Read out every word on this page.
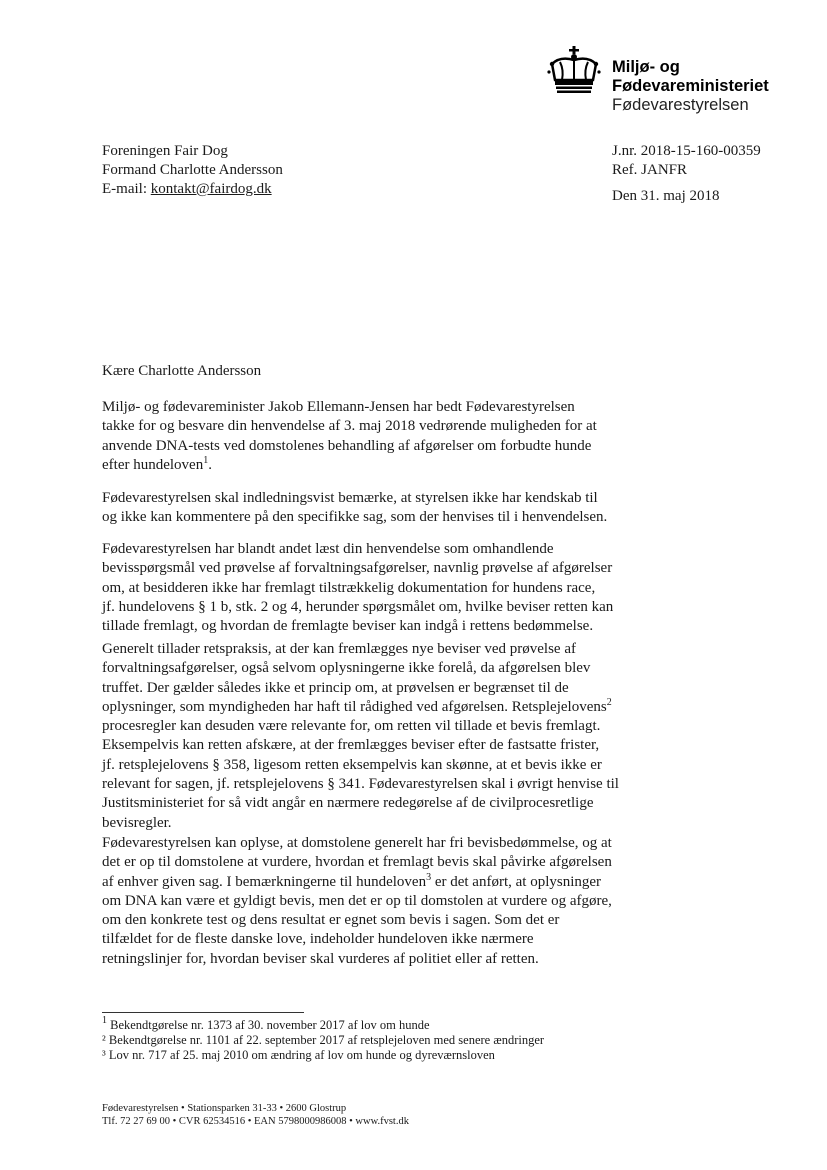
Miljø- og
Fødevareministeriet
Fødevarestyrelsen
Foreningen Fair Dog
Formand Charlotte Andersson
E-mail: kontakt@fairdog.dk
J.nr. 2018-15-160-00359
Ref. JANFR
Den 31. maj 2018
Kære Charlotte Andersson
Miljø- og fødevareminister Jakob Ellemann-Jensen har bedt Fødevarestyrelsen
takke for og besvare din henvendelse af 3. maj 2018 vedrørende muligheden for at
anvende DNA-tests ved domstolenes behandling af afgørelser om forbudte hunde
efter hundeloven$^1$.
Fødevarestyrelsen skal indledningsvist bemærke, at styrelsen ikke har kendskab til
og ikke kan kommentere på den specifikke sag, som der henvises til i henvendelsen.
Fødevarestyrelsen har blandt andet læst din henvendelse som omhandlende
bevisspørgsmål ved prøvelse af forvaltningsafgørelser, navnlig prøvelse af afgørelser
om, at besidderen ikke har fremlagt tilstrækkelig dokumentation for hundens race,
jf. hundelovens § 1 b, stk. 2 og 4, herunder spørgsmålet om, hvilke beviser retten kan
tillade fremlagt, og hvordan de fremlagte beviser kan indgå i rettens bedømmelse.
Generelt tillader retspraksis, at der kan fremlægges nye beviser ved prøvelse af
forvaltningsafgørelser, også selvom oplysningerne ikke forelå, da afgørelsen blev
truffet. Der gælder således ikke et princip om, at prøvelsen er begrænset til de
oplysninger, som myndigheden har haft til rådighed ved afgørelsen. Retsplejelovens$^2$
procesregler kan desuden være relevante for, om retten vil tillade et bevis fremlagt.
Eksempelvis kan retten afskære, at der fremlægges beviser efter de fastsatte frister,
jf. retsplejelovens § 358, ligesom retten eksempelvis kan skønne, at et bevis ikke er
relevant for sagen, jf. retsplejelovens § 341. Fødevarestyrelsen skal i øvrigt henvise til
Justitsministeriet for så vidt angår en nærmere redegørelse af de civilprocesretlige
bevisregler.
Fødevarestyrelsen kan oplyse, at domstolene generelt har fri bevisbedømmelse, og at
det er op til domstolene at vurdere, hvordan et fremlagt bevis skal påvirke afgørelsen
af enhver given sag. I bemærkningerne til hundeloven$^3$ er det anført, at oplysninger
om DNA kan være et gyldigt bevis, men det er op til domstolen at vurdere og afgøre,
om den konkrete test og dens resultat er egnet som bevis i sagen. Som det er
tilfældet for de fleste danske love, indeholder hundeloven ikke nærmere
retningslinjer for, hvordan beviser skal vurderes af politiet eller af retten.
$^1$ Bekendtgørelse nr. 1373 af 30. november 2017 af lov om hunde
² Bekendtgørelse nr. 1101 af 22. september 2017 af retsplejeloven med senere ændringer
³ Lov nr. 717 af 25. maj 2010 om ændring af lov om hunde og dyreværnsloven
Fødevarestyrelsen • Stationsparken 31-33 • 2600 Glostrup
Tlf. 72 27 69 00 • CVR 62534516 • EAN 5798000986008 • www.fvst.dk
